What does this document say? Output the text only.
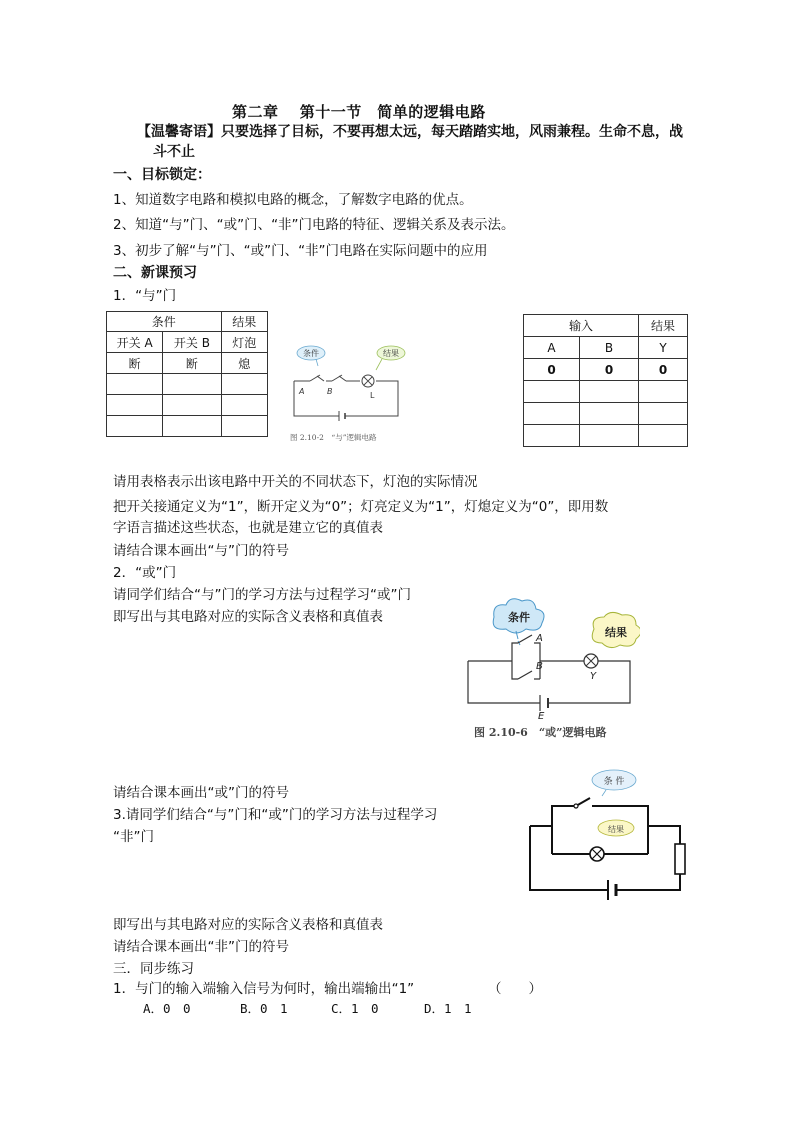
第二章　 第十一节　简单的逻辑电路
【温馨寄语】只要选择了目标，不要再想太远，每天踏踏实地，风雨兼程。生命不息，战
斗不止
一、目标锁定：
1、知道数字电路和模拟电路的概念，了解数字电路的优点。
2、知道“与”门、“或”门、“非”门电路的特征、逻辑关系及表示法。
3、初步了解“与”门、“或”门、“非”门电路在实际问题中的应用
二、新课预习
1．“与”门
条件		结果
开关 A	开关 B	灯泡
断	断	熄

条件	结果
A	B	L
图 2.10-2　“与”逻辑电路
输入		结果
A	B	Y
0	0	0

请用表格表示出该电路中开关的不同状态下，灯泡的实际情况
把开关接通定义为“1”，断开定义为“0”；灯亮定义为“1”，灯熄定义为“0”，即用数
字语言描述这些状态，也就是建立它的真值表
请结合课本画出“与”门的符号
2．“或”门
请同学们结合“与”门的学习方法与过程学习“或”门
即写出与其电路对应的实际含义表格和真值表	条件
结果
A
B
Y
E
图 2.10-6　“或”逻辑电路
请结合课本画出“或”门的符号
3.请同学们结合“与”门和“或”门的学习方法与过程学习
“非”门
条 件
结果
即写出与其电路对应的实际含义表格和真值表
请结合课本画出“非”门的符号
三．同步练习
1．与门的输入端输入信号为何时，输出端输出“1”	（　　）
A．0　0	B．0　1	C．1　0	D．1　1
